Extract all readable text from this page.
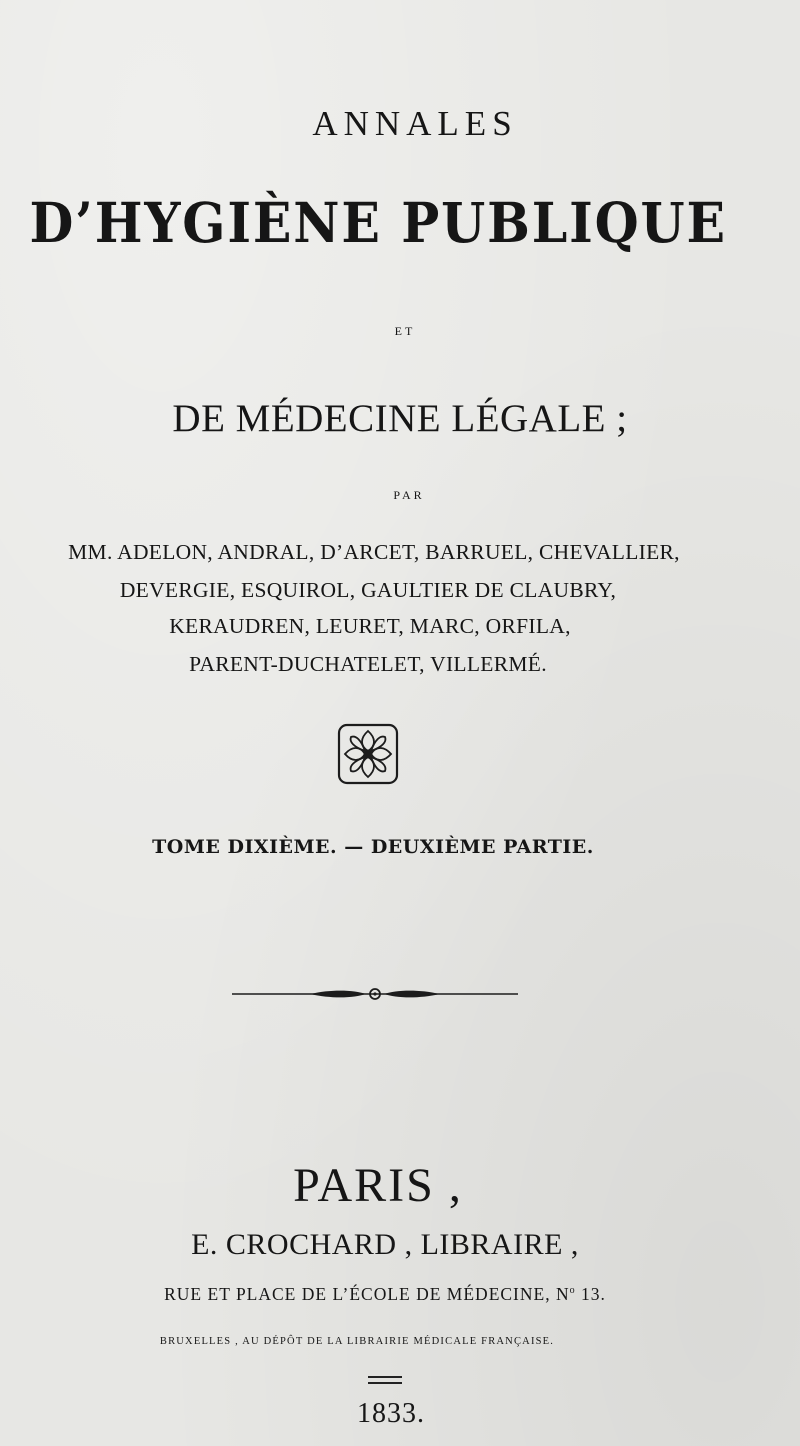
ANNALES
D’HYGIÈNE PUBLIQUE
ET
DE MÉDECINE LÉGALE ;
PAR
MM. ADELON, ANDRAL, D’ARCET, BARRUEL, CHEVALLIER,
DEVERGIE, ESQUIROL, GAULTIER DE CLAUBRY,
KERAUDREN, LEURET, MARC, ORFILA,
PARENT-DUCHATELET, VILLERMÉ.
TOME DIXIÈME. — DEUXIÈME PARTIE.
PARIS ,
E. CROCHARD , LIBRAIRE ,
RUE ET PLACE DE L’ÉCOLE DE MÉDECINE, $N^o$ 13.
BRUXELLES , AU DÉPÔT DE LA LIBRAIRIE MÉDICALE FRANÇAISE.
1833.
